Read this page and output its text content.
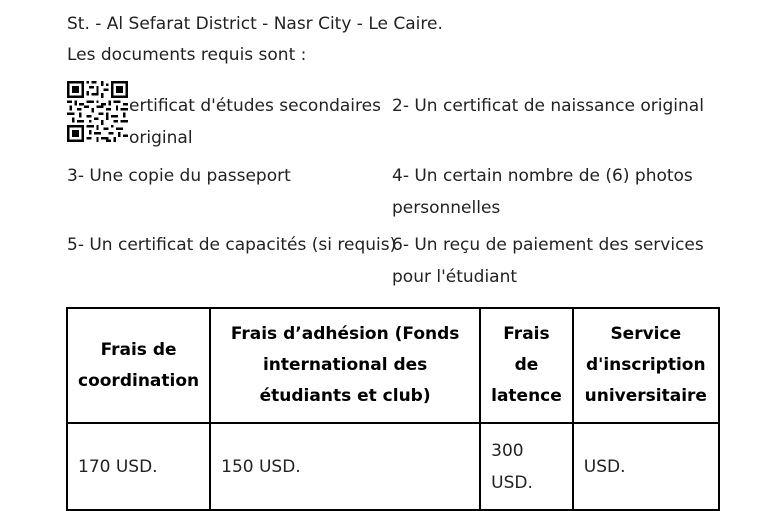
St. - Al Sefarat District - Nasr City - Le Caire.
Les documents requis sont :
ertificat d'études secondaires
original
2- Un certificat de naissance original
3- Une copie du passeport	4- Un certain nombre de (6) photos
personnelles
5- Un certificat de capacités (si requis)
6- Un reçu de paiement des services
pour l'étudiant
Frais de coordination	Frais d’adhésion (Fonds international des étudiants et club)	Frais de latence	Service d'inscription universitaire
170 USD.	150 USD.	300 USD.	USD.
